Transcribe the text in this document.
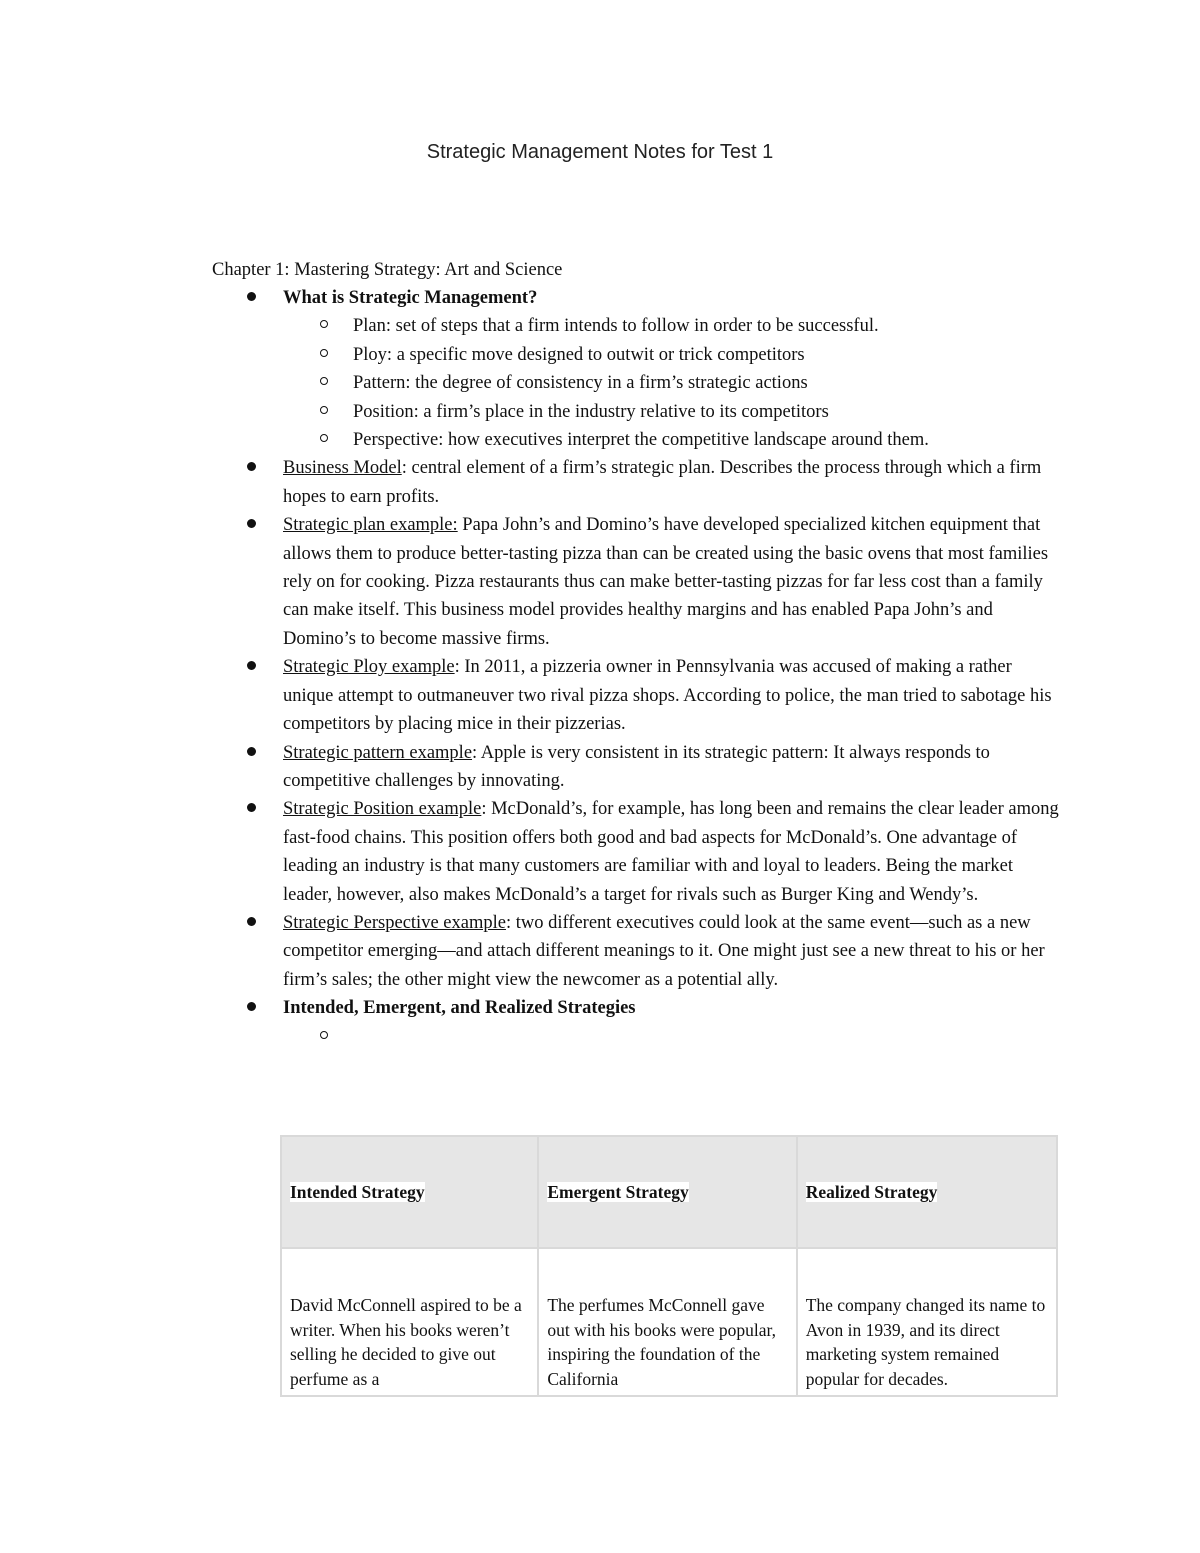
Strategic Management Notes for Test 1
Chapter 1: Mastering Strategy: Art and Science
What is Strategic Management?
Plan: set of steps that a firm intends to follow in order to be successful.
Ploy: a specific move designed to outwit or trick competitors
Pattern: the degree of consistency in a firm’s strategic actions
Position: a firm’s place in the industry relative to its competitors
Perspective: how executives interpret the competitive landscape around them.
Business Model: central element of a firm’s strategic plan. Describes the process through which a firm hopes to earn profits.
Strategic plan example: Papa John’s and Domino’s have developed specialized kitchen equipment that allows them to produce better-tasting pizza than can be created using the basic ovens that most families rely on for cooking. Pizza restaurants thus can make better-tasting pizzas for far less cost than a family can make itself. This business model provides healthy margins and has enabled Papa John’s and Domino’s to become massive firms.
Strategic Ploy example: In 2011, a pizzeria owner in Pennsylvania was accused of making a rather unique attempt to outmaneuver two rival pizza shops. According to police, the man tried to sabotage his competitors by placing mice in their pizzerias.
Strategic pattern example: Apple is very consistent in its strategic pattern: It always responds to competitive challenges by innovating.
Strategic Position example: McDonald’s, for example, has long been and remains the clear leader among fast-food chains. This position offers both good and bad aspects for McDonald’s. One advantage of leading an industry is that many customers are familiar with and loyal to leaders. Being the market leader, however, also makes McDonald’s a target for rivals such as Burger King and Wendy’s.
Strategic Perspective example: two different executives could look at the same event—such as a new competitor emerging—and attach different meanings to it. One might just see a new threat to his or her firm’s sales; the other might view the newcomer as a potential ally.
Intended, Emergent, and Realized Strategies
Intended Strategy	Emergent Strategy	Realized Strategy
David McConnell aspired to be a writer. When his books weren’t selling he decided to give out perfume as a	The perfumes McConnell gave out with his books were popular, inspiring the foundation of the California	The company changed its name to Avon in 1939, and its direct marketing system remained popular for decades.
